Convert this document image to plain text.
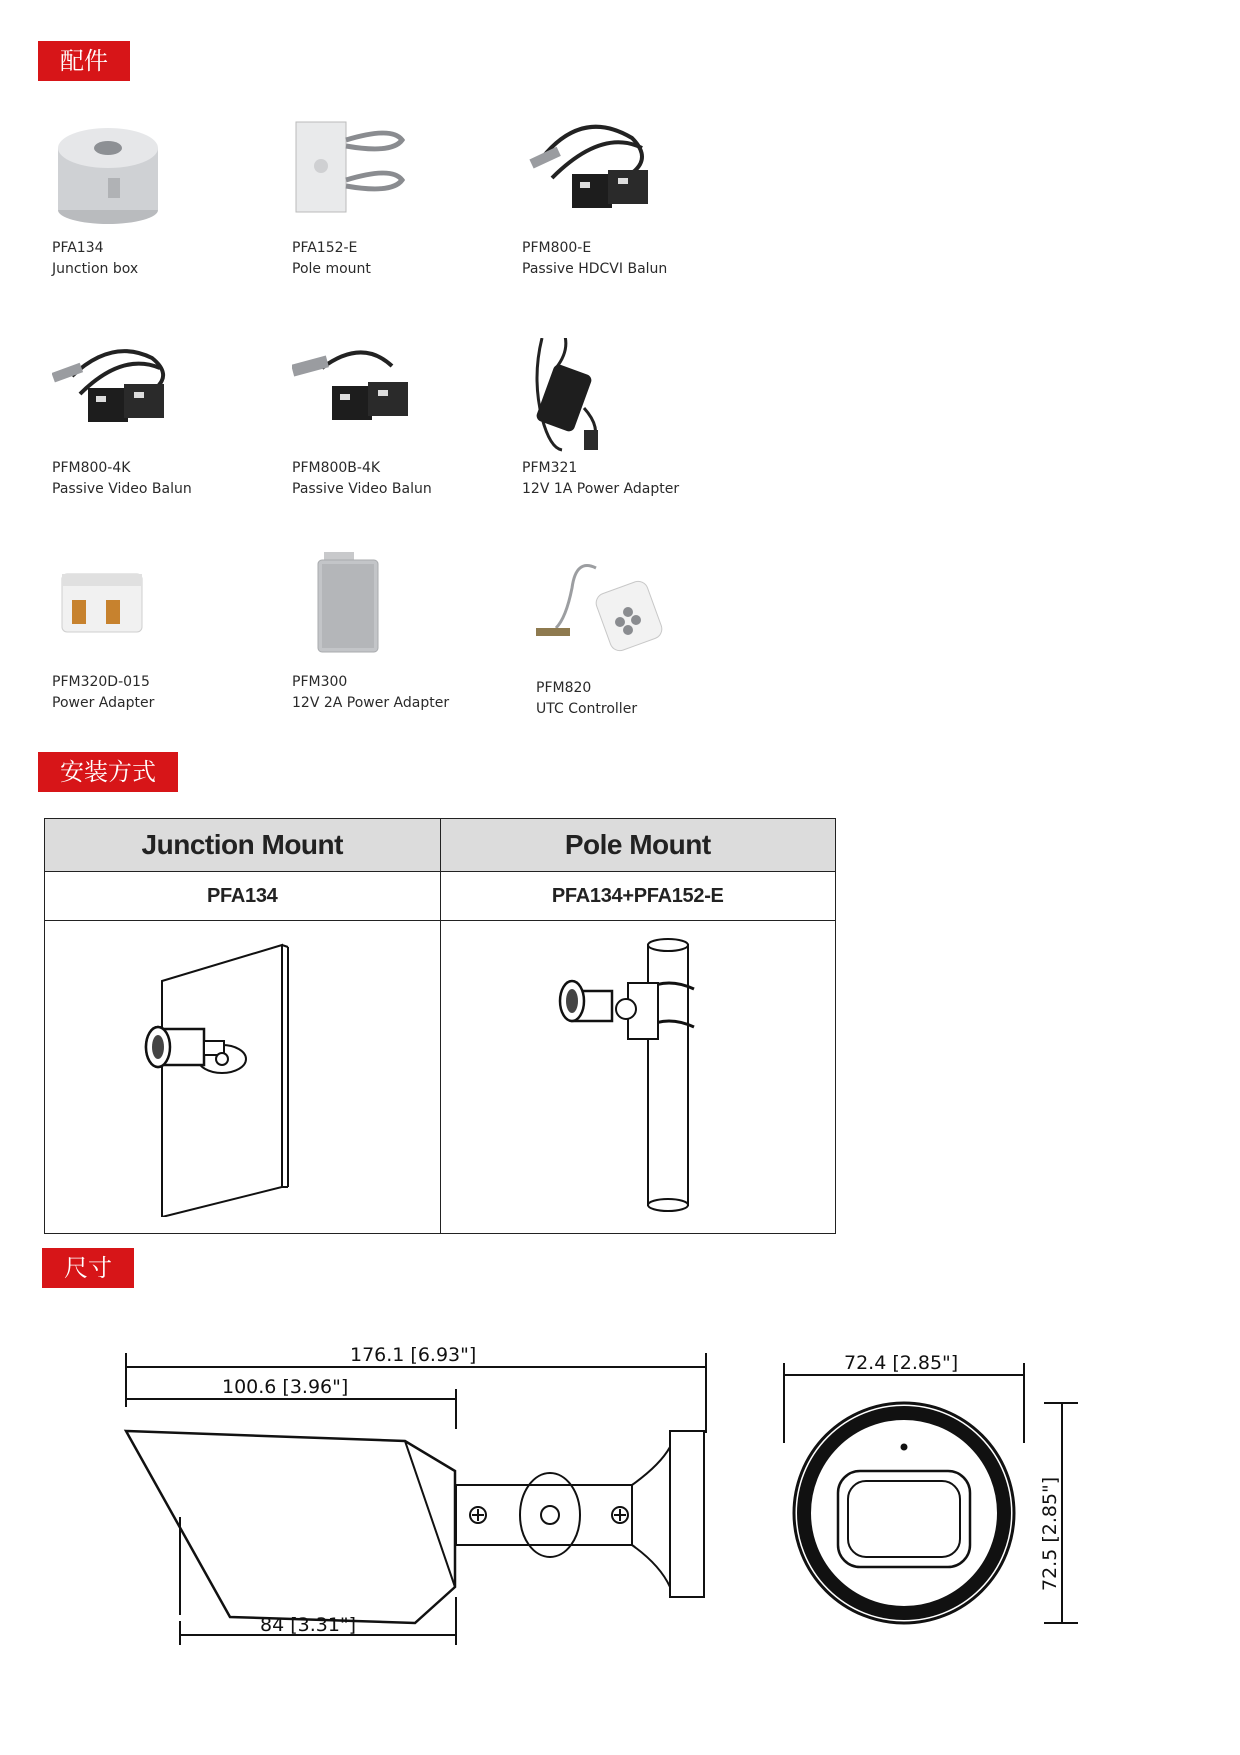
配件
PFA134
Junction box
PFA152-E
Pole mount
PFM800-E
Passive HDCVI Balun
PFM800-4K
Passive Video Balun
PFM800B-4K
Passive Video Balun
PFM321
12V 1A Power Adapter
PFM320D-015
Power Adapter
PFM300
12V 2A Power Adapter
PFM820
UTC Controller
安装方式
Junction Mount	Pole Mount
PFA134	PFA134+PFA152-E

尺寸
176.1 [6.93"]
100.6 [3.96"]
84 [3.31"]
72.4 [2.85"]
72.5 [2.85"]
